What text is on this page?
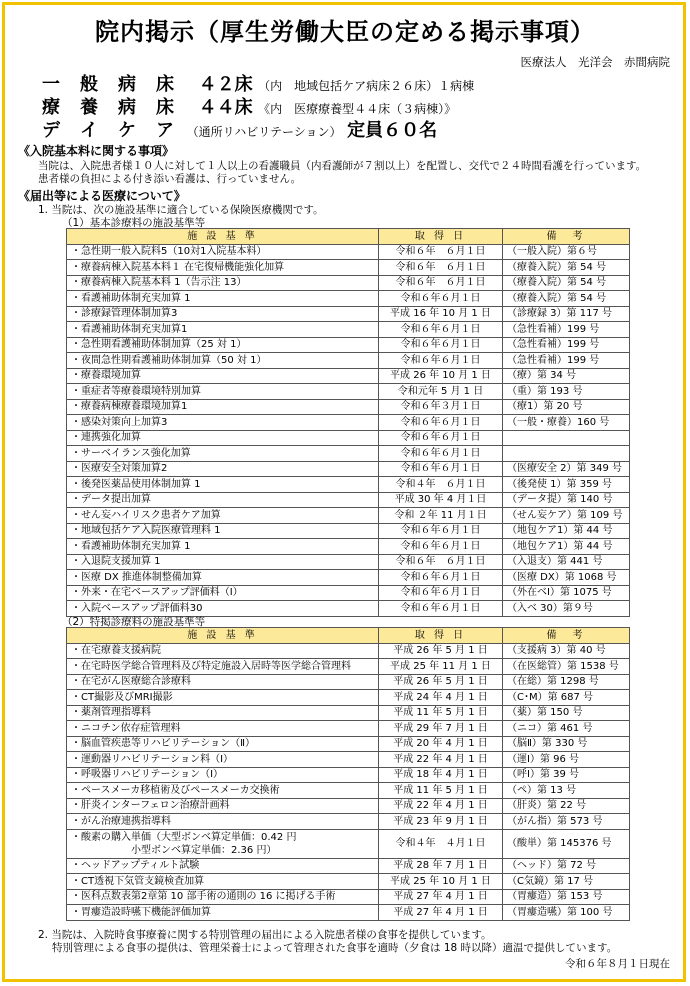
院内掲示（厚生労働大臣の定める掲示事項）
医療法人　光洋会　赤間病院
一　般　病　床 ４２床 （内　地域包括ケア病床２６床）１病棟
療　養　病　床 ４４床 《内　医療療養型４４床（３病棟）》
デ　イ　ケ　ア （通所リハビリテーション） 定員６０名
《入院基本料に関する事項》
当院は、入院患者様１０人に対して１人以上の看護職員（内看護師が７割以上）を配置し、交代で２４時間看護を行っています。
患者様の負担による付き添い看護は、行っていません。
《届出等による医療について》
1. 当院は、次の施設基準に適合している保険医療機関です。
（1）基本診療料の施設基準等
施 設 基 準	取 得 日	備　考
・急性期一般入院料5（10対1入院基本料）	令和６年　６月１日	（一般入院）第６号
・療養病棟入院基本料１ 在宅復帰機能強化加算	令和６年　６月１日	（療養入院）第 54 号
・療養病棟入院基本料 1（告示注 13）	令和６年　６月１日	（療養入院）第 54 号
・看護補助体制充実加算 1	令和６年６月１日	（療養入院）第 54 号
・診療録管理体制加算3	平成 16 年 10 月 1 日	（診療録 3）第 117 号
・看護補助体制充実加算1	令和６年６月１日	（急性看補）199 号
・急性期看護補助体制加算（25 対 1）	令和６年６月１日	（急性看補）199 号
・夜間急性期看護補助体制加算（50 対 1）	令和６年６月１日	（急性看補）199 号
・療養環境加算	平成 26 年 10 月 1 日	（療）第 34 号
・重症者等療養環境特別加算	令和元年 5 月 1 日	（重）第 193 号
・療養病棟療養環境加算1	令和６年３月１日	（療1）第 20 号
・感染対策向上加算3	令和６年６月１日	（一般・療養）160 号
・連携強化加算	令和６年６月１日	
・サーベイランス強化加算	令和６年６月１日	
・医療安全対策加算2	令和６年６月１日	（医療安全 2）第 349 号
・後発医薬品使用体制加算 1	令和４年　６月１日	（後発使 1）第 359 号
・データ提出加算	平成 30 年 4 月１日	（データ提）第 140 号
・せん妄ハイリスク患者ケア加算	令和 ２年 11 月１日	（せん妄ケア）第 109 号
・地域包括ケア入院医療管理料 1	令和６年６月１日	（地包ケア1）第 44 号
・看護補助体制充実加算 1	令和６年６月１日	（地包ケア1）第 44 号
・入退院支援加算 1	令和６年　６月１日	（入退支）第 441 号
・医療 DX 推進体制整備加算	令和６年６月１日	（医療 DX）第 1068 号
・外来・在宅ベースアップ評価料（Ⅰ）	令和６年６月１日	（外在ベⅠ）第 1075 号
・入院ベースアップ評価料30	令和６年６月１日	（入ベ 30）第９号
（2）特掲診療料の施設基準等
施 設 基 準	取 得 日	備　考
・在宅療養支援病院	平成 26 年 5 月 1 日	（支援病 3）第 40 号
・在宅時医学総合管理料及び特定施設入居時等医学総合管理料	平成 25 年 11 月 1 日	（在医総管）第 1538 号
・在宅がん医療総合診療料	平成 26 年 5 月 1 日	（在総）第 1298 号
・CT撮影及びMRI撮影	平成 24 年 4 月 1 日	（C･M）第 687 号
・薬剤管理指導料	平成 11 年 5 月 1 日	（薬）第 150 号
・ニコチン依存症管理料	平成 29 年 7 月 1 日	（ニコ）第 461 号
・脳血管疾患等リハビリテーション（Ⅱ）	平成 20 年 4 月 1 日	（脳Ⅱ）第 330 号
・運動器リハビリテーション料（Ⅰ）	平成 22 年 4 月 1 日	（運Ⅰ）第 96 号
・呼吸器リハビリテーション（Ⅰ）	平成 18 年 4 月 1 日	（呼Ⅰ）第 39 号
・ペースメーカ移植術及びペースメーカ交換術	平成 11 年 5 月 1 日	（ペ）第 13 号
・肝炎インターフェロン治療計画料	平成 22 年 4 月 1 日	（肝炎）第 22 号
・がん治療連携指導料	平成 23 年 9 月 1 日	（がん指）第 573 号
・酸素の購入単価（大型ボンベ算定単価：0.42 円
小型ボンベ算定単価：2.36 円）	令和４年　４月１日	（酸単）第 145376 号
・ヘッドアップティルト試験	平成 28 年 7 月 1 日	（ヘッド）第 72 号
・CT透視下気管支鏡検査加算	平成 25 年 10 月 1 日	（C気鏡）第 17 号
・医科点数表第2章第 10 部手術の通則の 16 に掲げる手術	平成 27 年 4 月 1 日	（胃瘻造）第 153 号
・胃瘻造設時嚥下機能評価加算	平成 27 年 4 月 1 日	（胃瘻造嚥）第 100 号
2. 当院は、入院時食事療養に関する特別管理の届出による入院患者様の食事を提供しています。
特別管理による食事の提供は、管理栄養士によって管理された食事を適時（夕食は 18 時以降）適温で提供しています。
令和６年８月１日現在
